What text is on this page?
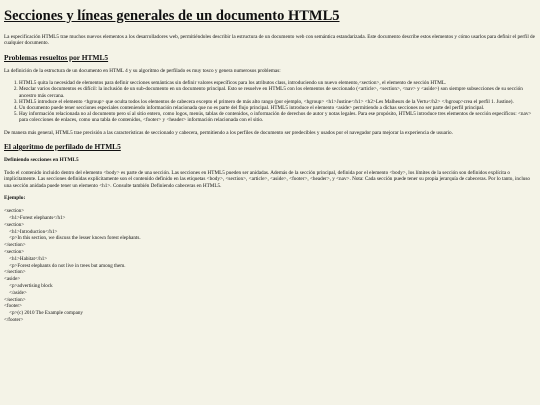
Secciones y líneas generales de un documento HTML5

La especificación HTML5 trae muchos nuevos elementos a los desarrolladores web, permitiéndoles describir la estructura de un documento web con semántica estandarizada. Este documento describe estos elementos y cómo usarlos para definir el perfil de cualquier documento.

Problemas resueltos por HTML5

La definición de la estructura de un documento en HTML 4 y su algoritmo de perfilado es muy tosco y genera numerosos problemas:

1. HTML5 quita la necesidad de elementos para definir secciones semánticas sin definir valores específicos para los atributos class, introduciendo un nuevo elemento,<section>, el elemento de sección HTML.
2. Mezclar varios documentos es difícil: la inclusión de un sub-documento en un documento principal. Esto se resuelve en HTML5 con los elementos de seccionado (<article>, <section>, <nav> y <aside>) son siempre subsecciones de su sección ancestro más cercana.
3. HTML5 introduce el elemento <hgroup> que oculta todos los elementos de cabecera excepto el primero de más alto rango (por ejemplo, <hgroup> <h1>Justine</h1> <h2>Les Malheurs de la Vertu</h2> </hgroup>crea el perfil 1. Justine).
4. Un documento puede tener secciones especiales conteniendo información relacionada que no es parte del flujo principal. HTML5 introduce el elemento <aside> permitiendo a dichas secciones no ser parte del perfil principal.
5. Hay información relacionada no al documento pero sí al sitio entero, como logos, menús, tablas de contenidos, o información de derechos de autor y notas legales. Para ese propósito, HTML5 introduce tres elementos de sección específicos: <nav> para colecciones de enlaces, como una tabla de contenidos, <footer> y <header> información relacionada con el sitio.

De manera más general, HTML5 trae precisión a las características de seccionado y cabecera, permitiendo a los perfiles de documento ser predecibles y usados por el navegador para mejorar la experiencia de usuario.

El algoritmo de perfilado de HTML5
Definiendo secciones en HTML5

Todo el contenido incluido dentro del elemento <body> es parte de una sección. Las secciones en HTML5 pueden ser anidadas. Además de la sección principal, definida por el elemento <body>, los límites de la sección son definidos explícita o implícitamente. Las secciones definidas explícitamente son el contenido definido en las etiquetas <body>, <section>, <article>, <aside>, <footer>, <header>, y <nav>. Nota: Cada sección puede tener su propia jerarquía de cabeceras. Por lo tanto, incluso una sección anidada puede tener un elemento <h1>. Consulte también Definiendo cabeceras en HTML5.

Ejemplo:
<section>
<h1>Forest elephants</h1>
<section>
<h1>Introduction</h1>
<p>In this section, we discuss the lesser known forest elephants.
</section>
<section>
<h1>Habitat</h1>
<p>Forest elephants do not live in trees but among them.
</section>
<aside>
<p>advertising block
</aside>
</section>
<footer>
<p>(c) 2010 The Example company
</footer>
